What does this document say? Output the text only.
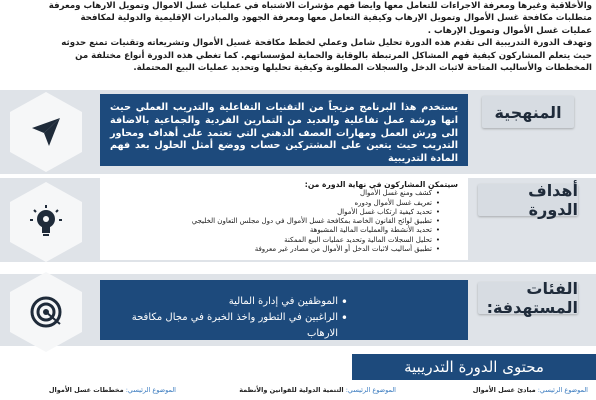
والأخلاقية وغيرها ومعرفة الاجراءات للتعامل معها وايضا فهم مؤشرات الاشتباه في عمليات غسل الاموال وتمويل الارهاب ومعرفة

متطلبات مكافحة غسل الأموال وتمويل الإرهاب وكيفية التعامل معها ومعرفة الجهود والمبادرات الإقليمية والدولية لمكافحة

عمليات غسل الأموال وتمويل الإرهاب .

وتهدف الدورة التدريبية الى تقدم هذه الدورة تحليل شامل وعملي لخطط مكافحة غسيل الأموال وتشريعاته وتقنيات تمنع حدوثه

حيث يتعلم المشاركون كيفية فهم المشاكل المرتبطة بالوقاية والحماية لمؤسساتهم. كما تغطي هذه الدورة أنواع مختلفة من

المخططات والأساليب المتاحة لاثبات الدخل والسجلات المطلوبة وكيفية تحليلها وتحديد عمليات البيع المحتملة.

المنهجية

يستخدم هذا البرنامج مزيجاً من التقنيات التفاعلية والتدريب العملي حيث انها ورشة عمل تفاعلية والعديد من التمارين الفردية والجماعية بالاضافة الى ورش العمل ومهارات العصف الذهني التي تعتمد على أهداف ومحاور التدريب حيث يتعين على المشتركين حساب ووضع أمثل الحلول بعد فهم المادة التدريبية

أهداف الدورة
سيتمكن المشاركون في نهاية الدورة من:
• كشف ومنع غسل الأموال
• تعريف غسل الأموال ودوره
• تحديد كيفية ارتكاب غسل الأموال
• تطبيق لوائح القانون الخاصة بمكافحة غسل الأموال في دول مجلس التعاون الخليجي
• تحديد الأنشطة والعمليات المالية المشبوهة
• تحليل السجلات المالية وتحديد عمليات البيع الممكنة
• تطبيق أساليب لاثبات الدخل أو الأموال من مصادر غير معروفة
الفئات المستهدفة:
• الموظفين في إدارة المالية
• الراغبين في التطور واخذ الخبرة في مجال مكافحة الارهاب
محتوى الدورة التدريبية
الموضوع الرئيسي: مبادئ غسل الأموال
الموضوع الرئيسي: التنمية الدولية للقوانين والأنظمة
الموضوع الرئيسي: مخططات غسل الأموال
